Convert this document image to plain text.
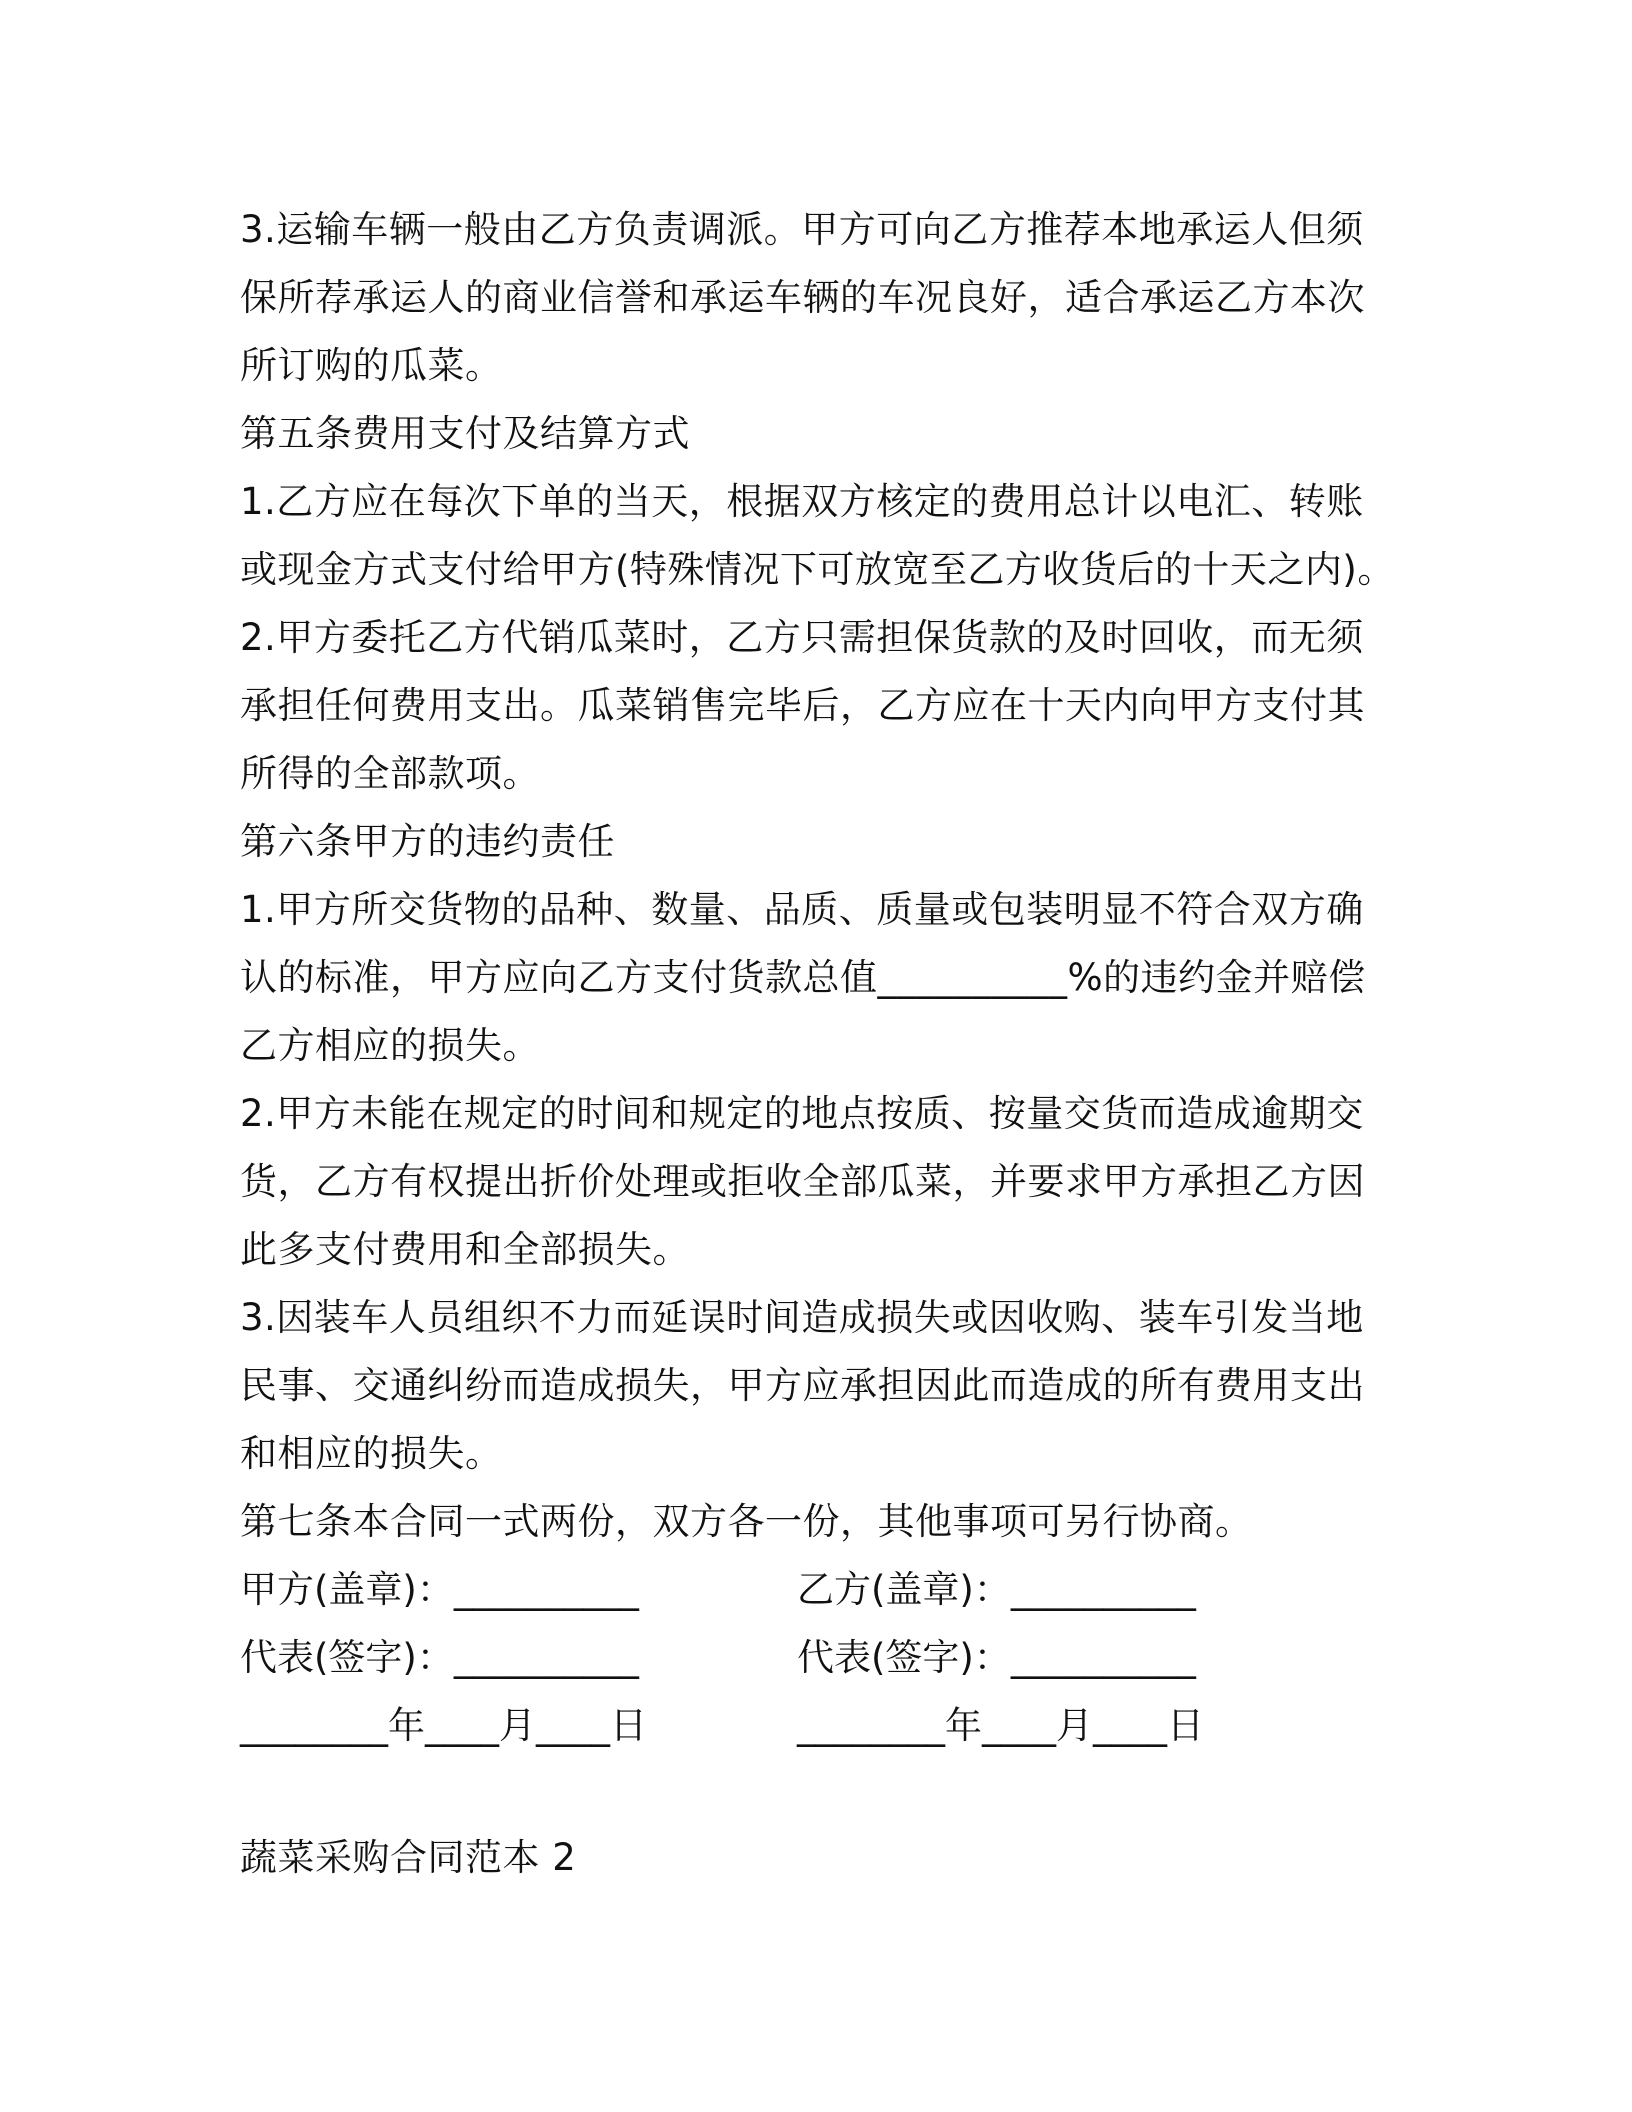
3.运输车辆一般由乙方负责调派。甲方可向乙方推荐本地承运人但须
保所荐承运人的商业信誉和承运车辆的车况良好，适合承运乙方本次
所订购的瓜菜。
第五条费用支付及结算方式
1.乙方应在每次下单的当天，根据双方核定的费用总计以电汇、转账
或现金方式支付给甲方(特殊情况下可放宽至乙方收货后的十天之内)。
2.甲方委托乙方代销瓜菜时，乙方只需担保货款的及时回收，而无须
承担任何费用支出。瓜菜销售完毕后，乙方应在十天内向甲方支付其
所得的全部款项。
第六条甲方的违约责任
1.甲方所交货物的品种、数量、品质、质量或包装明显不符合双方确
认的标准，甲方应向乙方支付货款总值__________%的违约金并赔偿
乙方相应的损失。
2.甲方未能在规定的时间和规定的地点按质、按量交货而造成逾期交
货，乙方有权提出折价处理或拒收全部瓜菜，并要求甲方承担乙方因
此多支付费用和全部损失。
3.因装车人员组织不力而延误时间造成损失或因收购、装车引发当地
民事、交通纠纷而造成损失，甲方应承担因此而造成的所有费用支出
和相应的损失。
第七条本合同一式两份，双方各一份，其他事项可另行协商。
甲方(盖章)：__________	乙方(盖章)：__________
代表(签字)：__________	代表(签字)：__________
________年____月____日	________年____月____日
蔬菜采购合同范本 2
